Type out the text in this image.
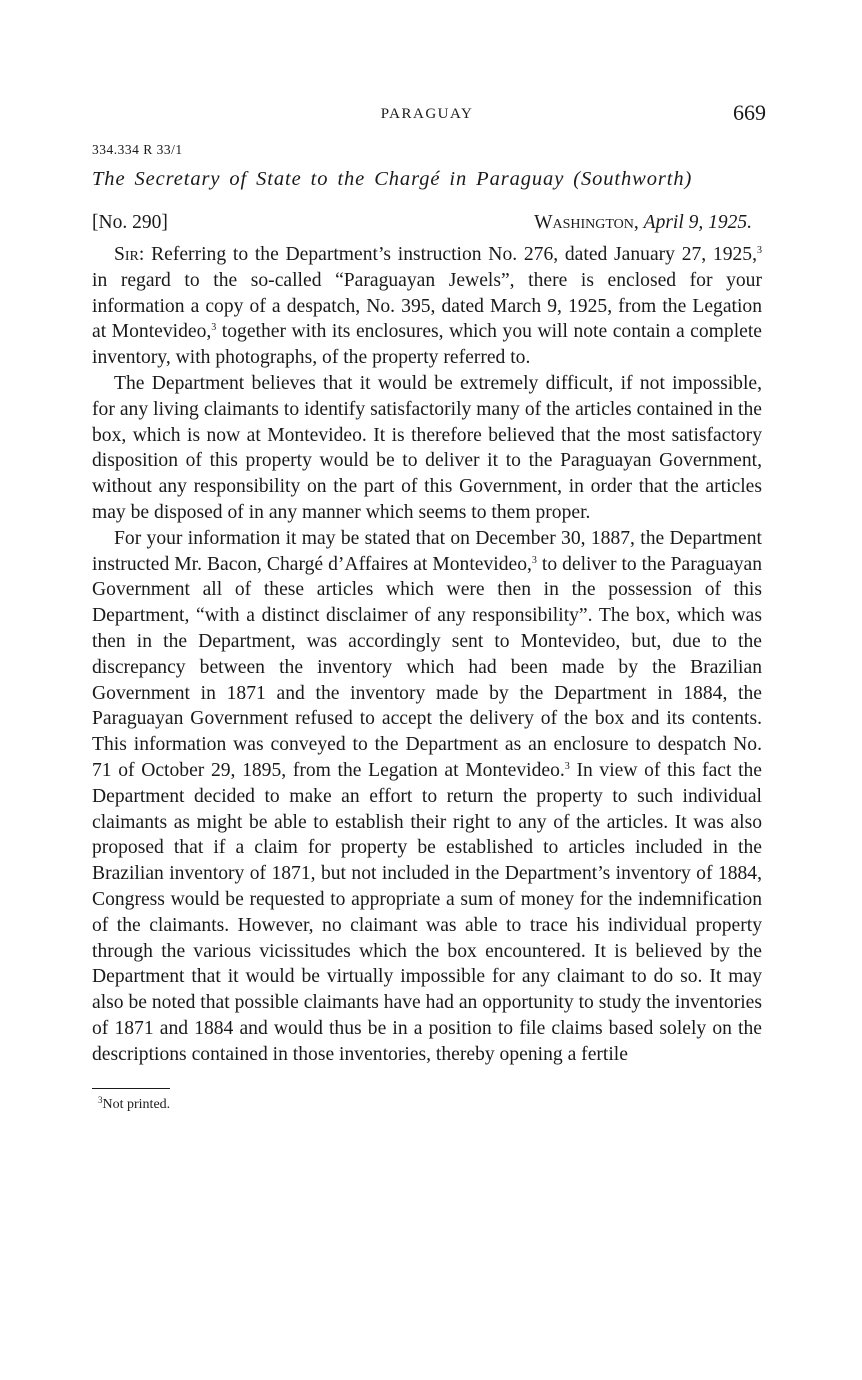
PARAGUAY	669
334.334 R 33/1
The Secretary of State to the Chargé in Paraguay (Southworth)
[No. 290]	Washington, April 9, 1925.

Sir: Referring to the Department’s instruction No. 276, dated January 27, 1925,$^3$ in regard to the so-called “Paraguayan Jewels”, there is enclosed for your information a copy of a despatch, No. 395, dated March 9, 1925, from the Legation at Montevideo,$^3$ together with its enclosures, which you will note contain a complete inventory, with photographs, of the property referred to.

The Department believes that it would be extremely difficult, if not impossible, for any living claimants to identify satisfactorily many of the articles contained in the box, which is now at Montevideo. It is therefore believed that the most satisfactory disposition of this property would be to deliver it to the Paraguayan Government, without any responsibility on the part of this Government, in order that the articles may be disposed of in any manner which seems to them proper.

For your information it may be stated that on December 30, 1887, the Department instructed Mr. Bacon, Chargé d’Affaires at Montevideo,$^3$ to deliver to the Paraguayan Government all of these articles which were then in the possession of this Department, “with a distinct disclaimer of any responsibility”. The box, which was then in the Department, was accordingly sent to Montevideo, but, due to the discrepancy between the inventory which had been made by the Brazilian Government in 1871 and the inventory made by the Department in 1884, the Paraguayan Government refused to accept the delivery of the box and its contents. This information was conveyed to the Department as an enclosure to despatch No. 71 of October 29, 1895, from the Legation at Montevideo.$^3$ In view of this fact the Department decided to make an effort to return the property to such individual claimants as might be able to establish their right to any of the articles. It was also proposed that if a claim for property be established to articles included in the Brazilian inventory of 1871, but not included in the Department’s inventory of 1884, Congress would be requested to appropriate a sum of money for the indemnification of the claimants. However, no claimant was able to trace his individual property through the various vicissitudes which the box encountered. It is believed by the Department that it would be virtually impossible for any claimant to do so. It may also be noted that possible claimants have had an opportunity to study the inventories of 1871 and 1884 and would thus be in a position to file claims based solely on the descriptions contained in those inventories, thereby opening a fertile

$^3$Not printed.
